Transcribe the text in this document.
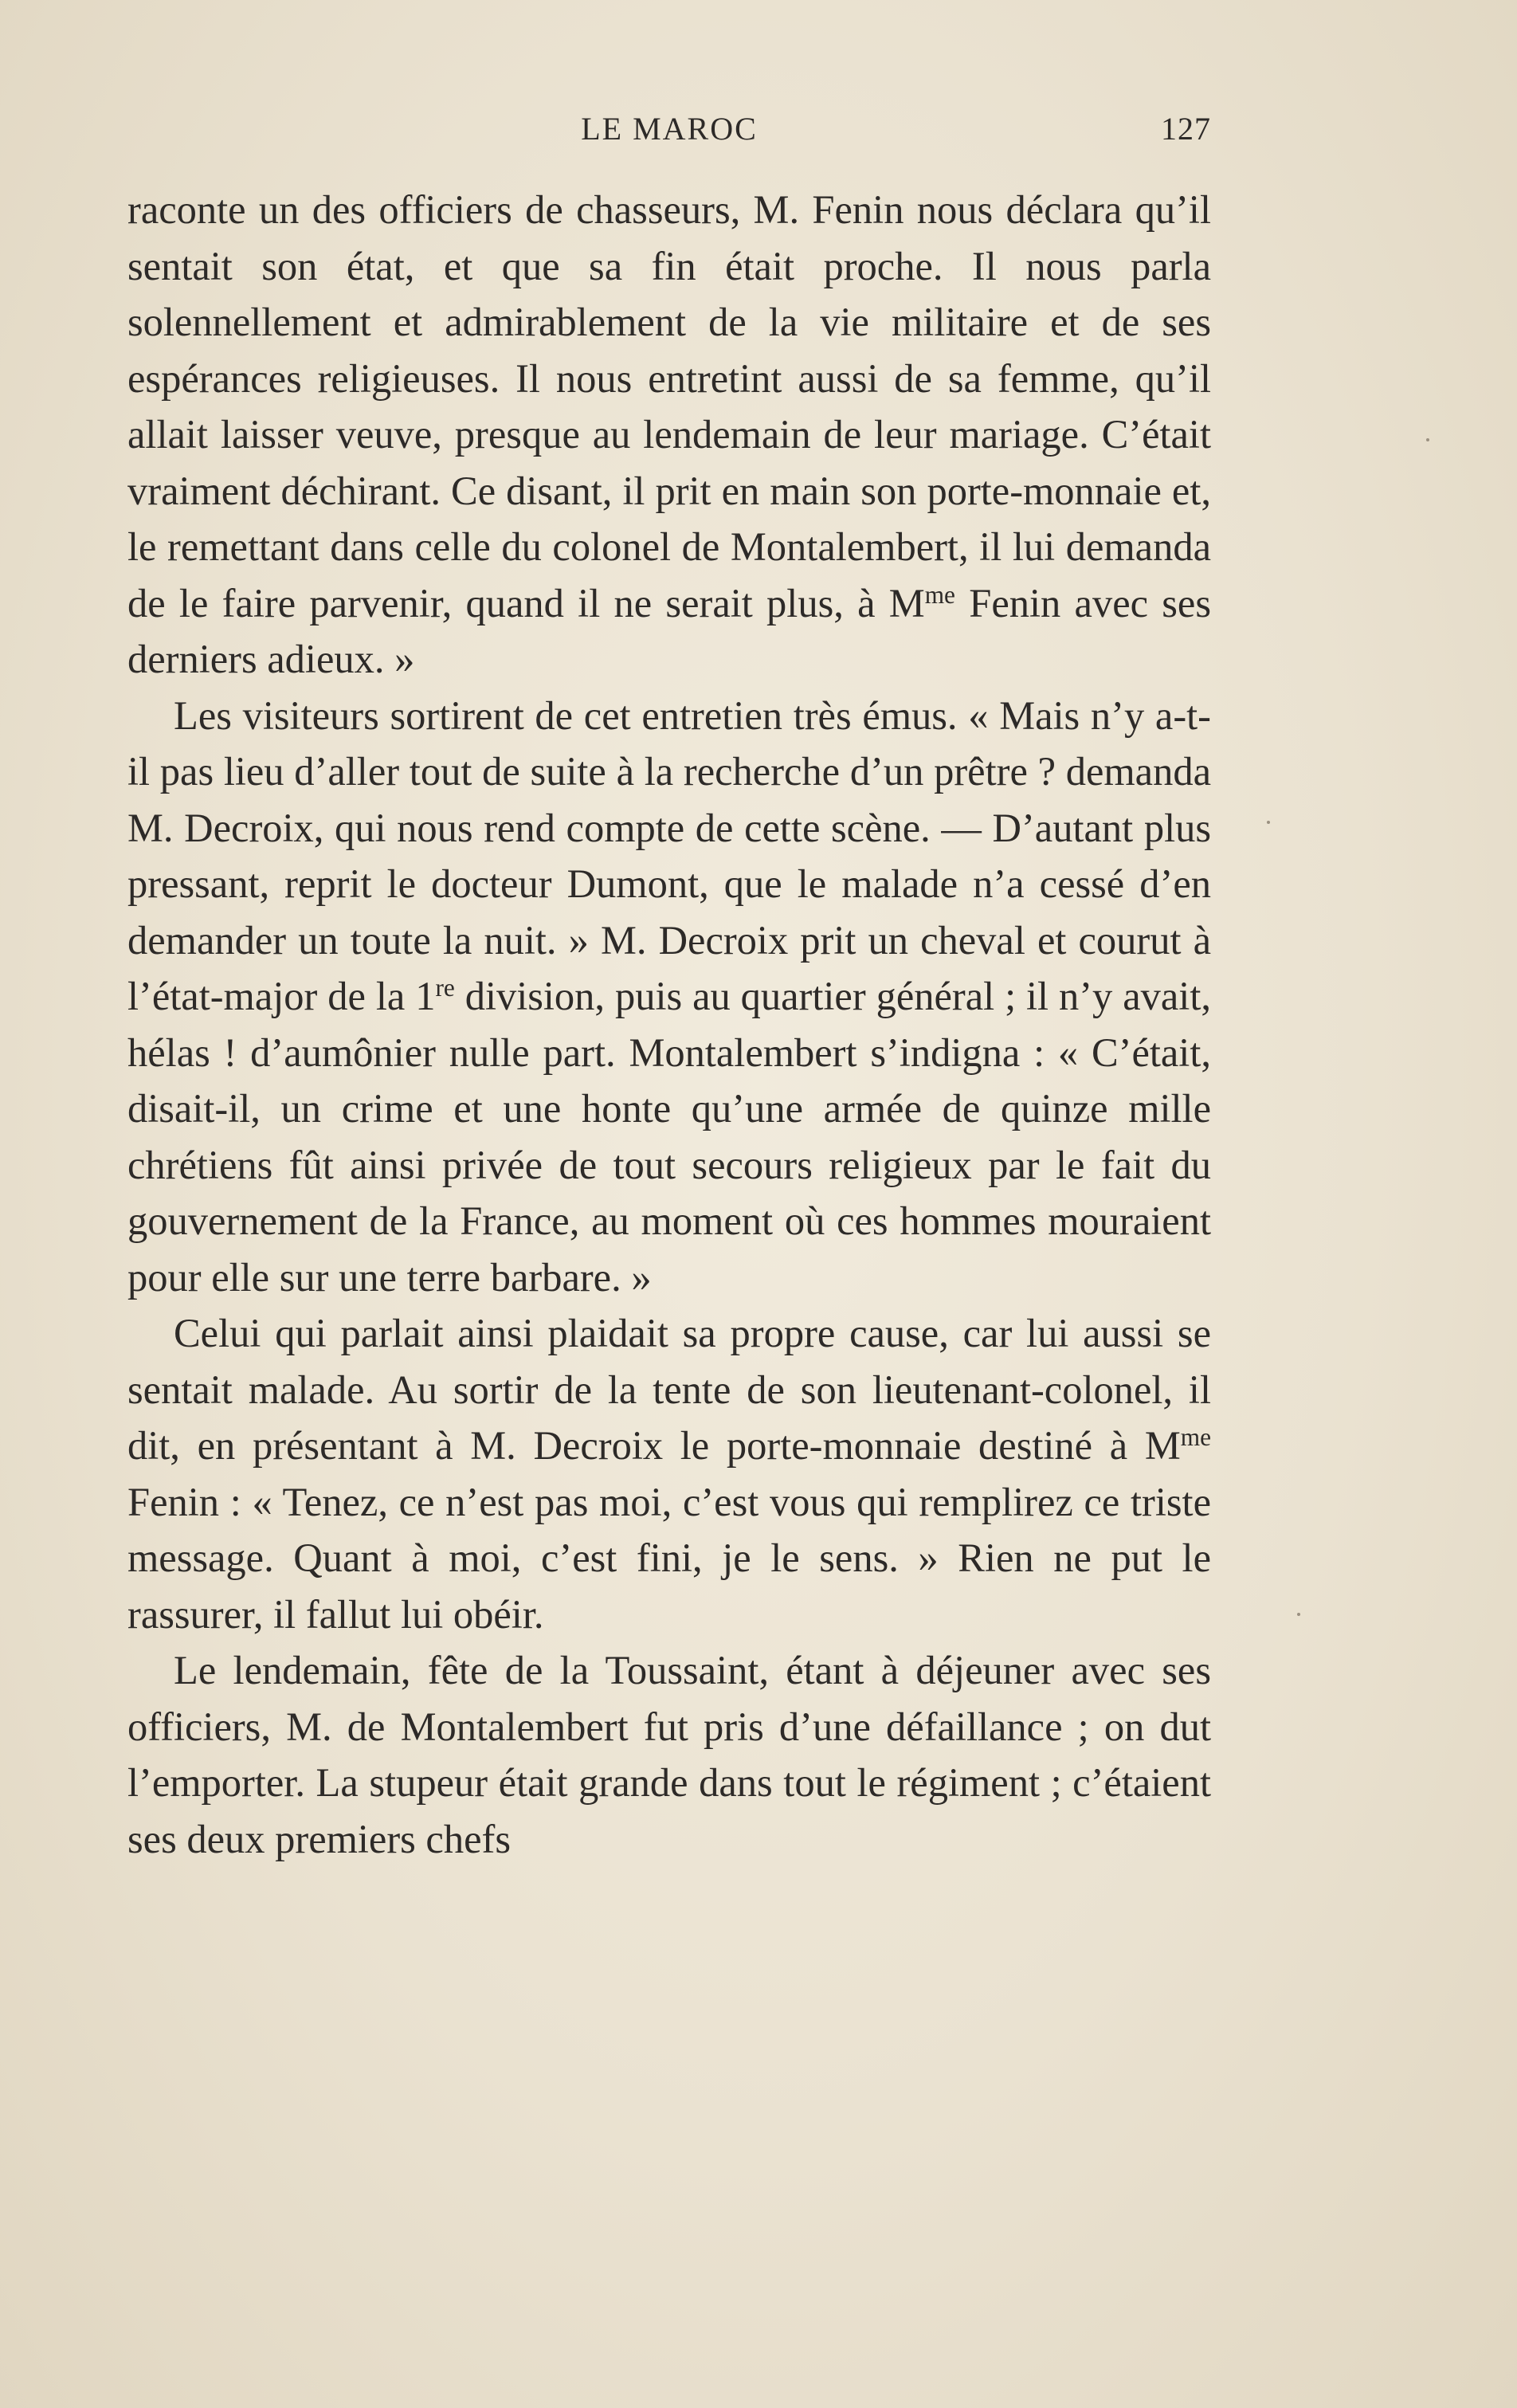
LE MAROC	127

raconte un des officiers de chasseurs, M. Fenin nous déclara qu’il sentait son état, et que sa fin était proche. Il nous parla solennellement et admirablement de la vie militaire et de ses espérances religieuses. Il nous entretint aussi de sa femme, qu’il allait laisser veuve, presque au lendemain de leur mariage. C’était vraiment déchirant. Ce disant, il prit en main son porte-monnaie et, le remettant dans celle du colonel de Montalembert, il lui demanda de le faire parvenir, quand il ne serait plus, à $M^{me}$ Fenin avec ses derniers adieux. »

Les visiteurs sortirent de cet entretien très émus. « Mais n’y a-t-il pas lieu d’aller tout de suite à la recherche d’un prêtre ? demanda M. Decroix, qui nous rend compte de cette scène. — D’autant plus pressant, reprit le docteur Dumont, que le malade n’a cessé d’en demander un toute la nuit. » M. Decroix prit un cheval et courut à l’état-major de la 1re division, puis au quartier général ; il n’y avait, hélas ! d’aumônier nulle part. Montalembert s’indigna : « C’était, disait-il, un crime et une honte qu’une armée de quinze mille chrétiens fût ainsi privée de tout secours religieux par le fait du gouvernement de la France, au moment où ces hommes mouraient pour elle sur une terre barbare. »

Celui qui parlait ainsi plaidait sa propre cause, car lui aussi se sentait malade. Au sortir de la tente de son lieutenant-colonel, il dit, en présentant à M. Decroix le porte-monnaie destiné à $M^{me}$ Fenin : « Tenez, ce n’est pas moi, c’est vous qui remplirez ce triste message. Quant à moi, c’est fini, je le sens. » Rien ne put le rassurer, il fallut lui obéir.

Le lendemain, fête de la Toussaint, étant à déjeuner avec ses officiers, M. de Montalembert fut pris d’une défaillance ; on dut l’emporter. La stupeur était grande dans tout le régiment ; c’étaient ses deux premiers chefs
